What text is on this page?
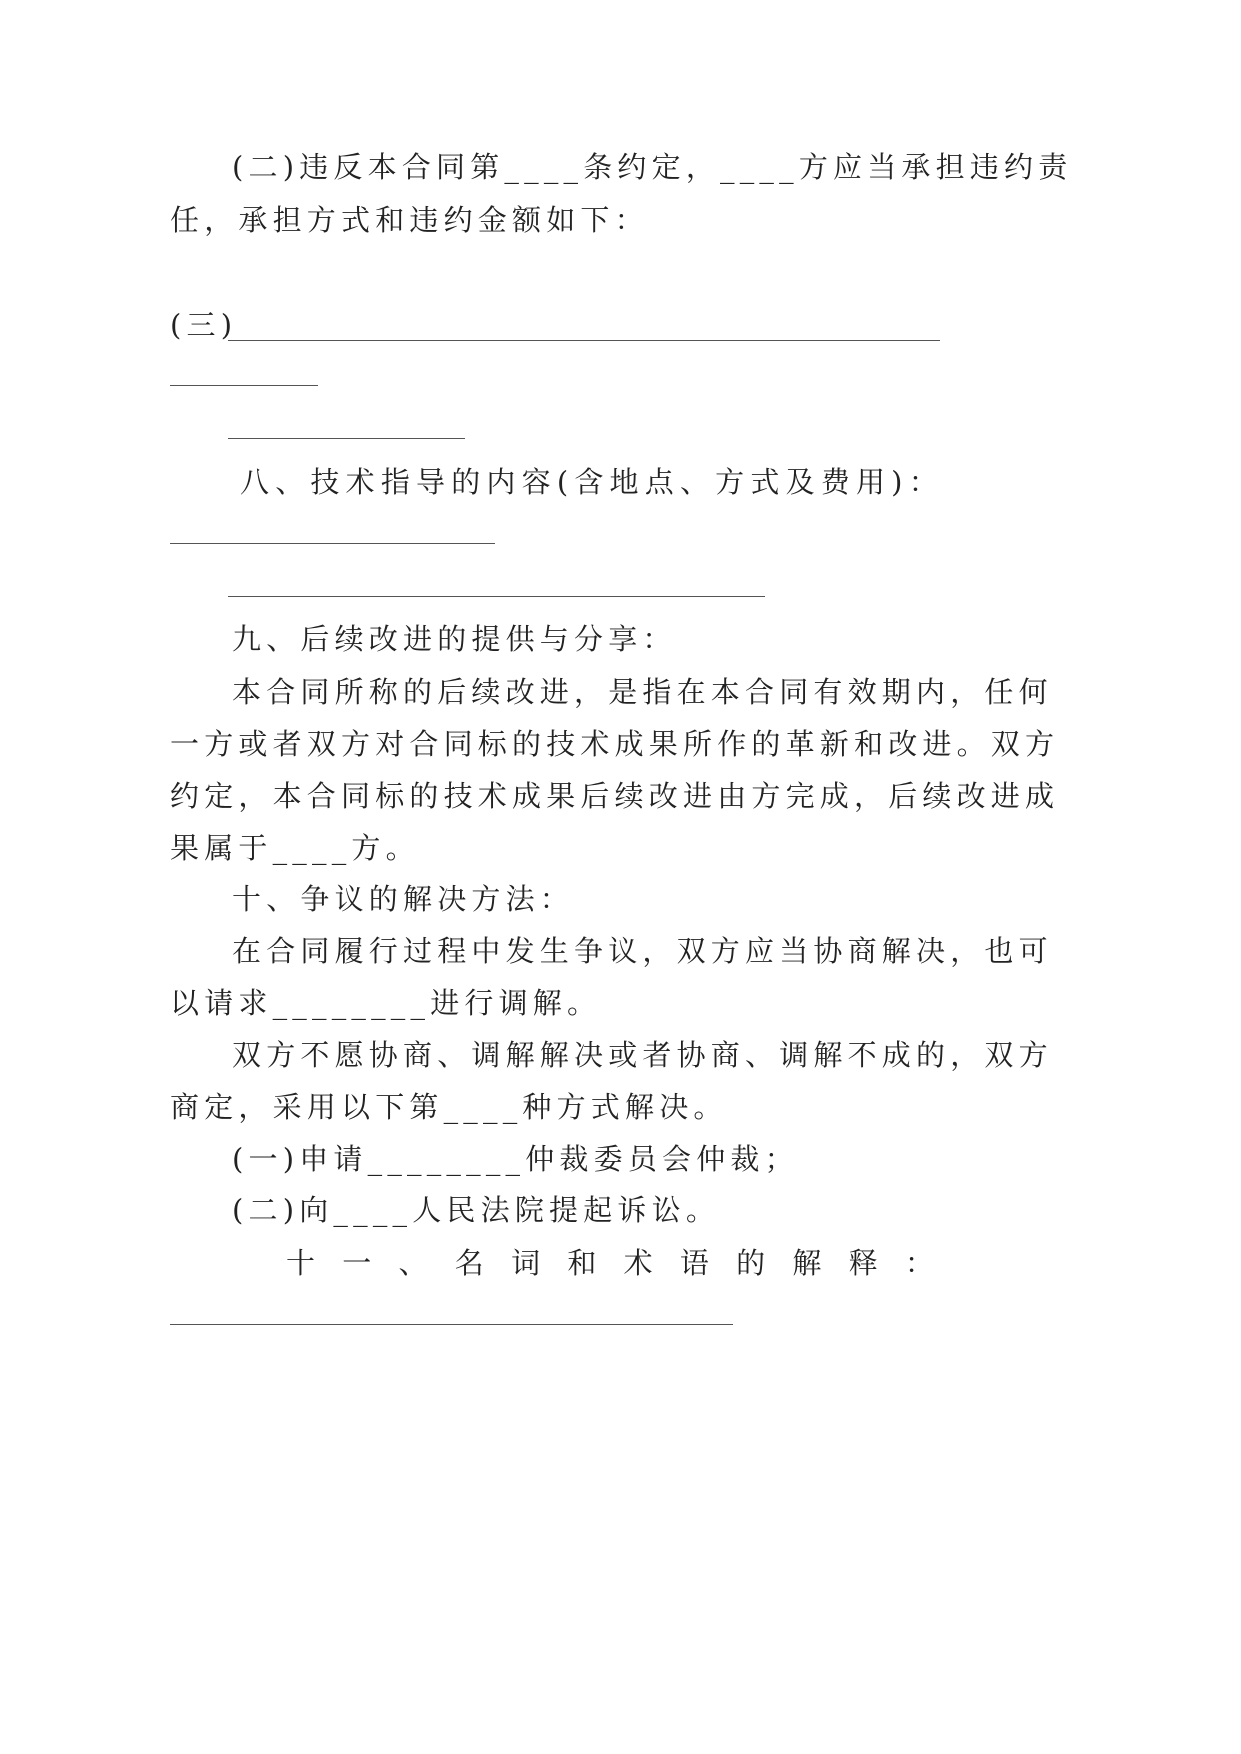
(二)违反本合同第____条约定，____方应当承担违约责
任，承担方式和违约金额如下：
(三)
八 、 技 术 指 导 的 内 容 ( 含 地 点 、 方 式 及 费 用 ) ：
九、后续改进的提供与分享：
本合同所称的后续改进，是指在本合同有效期内，任何
一方或者双方对合同标的技术成果所作的革新和改进。双方
约定，本合同标的技术成果后续改进由方完成，后续改进成
果属于____方。
十、争议的解决方法：
在合同履行过程中发生争议，双方应当协商解决，也可
以请求________进行调解。
双方不愿协商、调解解决或者协商、调解不成的，双方
商定，采用以下第____种方式解决。
(一)申请________仲裁委员会仲裁；
(二)向____人民法院提起诉讼。
十 一 、 名 词 和 术 语 的 解 释 ：
